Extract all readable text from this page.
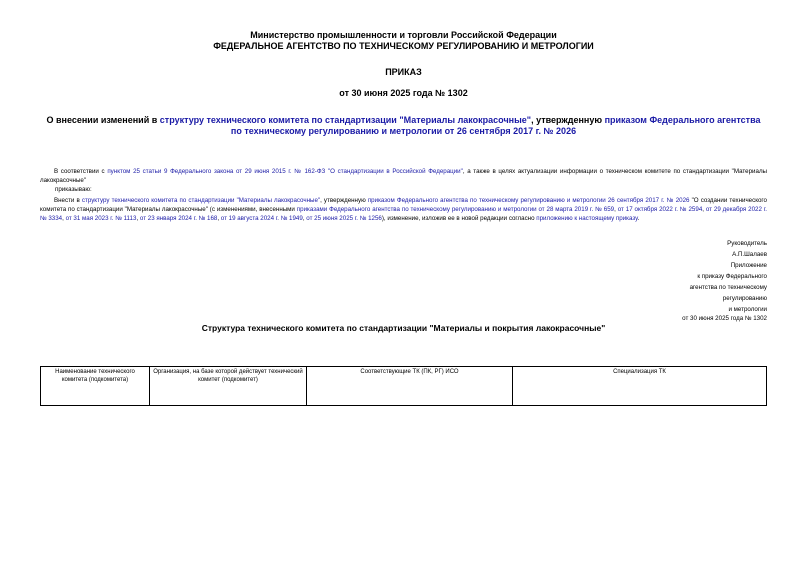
Министерство промышленности и торговли Российской Федерации
ФЕДЕРАЛЬНОЕ АГЕНТСТВО ПО ТЕХНИЧЕСКОМУ РЕГУЛИРОВАНИЮ И МЕТРОЛОГИИ
ПРИКАЗ
от 30 июня 2025 года № 1302
О внесении изменений в структуру технического комитета по стандартизации "Материалы лакокрасочные", утвержденную приказом Федерального агентства по техническому регулированию и метрологии от 26 сентября 2017 г. № 2026
В соответствии с пунктом 25 статьи 9 Федерального закона от 29 июня 2015 г. № 162-ФЗ "О стандартизации в Российской Федерации", а также в целях актуализации информации о техническом комитете по стандартизации "Материалы лакокрасочные"
приказываю:
Внести в структуру технического комитета по стандартизации "Материалы лакокрасочные", утвержденную приказом Федерального агентства по техническому регулированию и метрологии 26 сентября 2017 г. № 2026 "О создании технического комитета по стандартизации "Материалы лакокрасочные" (с изменениями, внесенными приказами Федерального агентства по техническому регулированию и метрологии от 28 марта 2019 г. № 659, от 17 октября 2022 г. № 2594, от 29 декабря 2022 г. № 3334, от 31 мая 2023 г. № 1113, от 23 января 2024 г. № 168, от 19 августа 2024 г. № 1949, от 25 июня 2025 г. № 1256), изменение, изложив ее в новой редакции согласно приложению к настоящему приказу.
Руководитель
А.П.Шалаев
Приложение
к приказу Федерального
агентства по техническому
регулированию
и метрологии
от 30 июня 2025 года № 1302
Структура технического комитета по стандартизации "Материалы и покрытия лакокрасочные"
Наименование технического комитета (подкомитета)	Организация, на базе которой действует технический комитет (подкомитет)	Соответствующие ТК (ПК, РГ) ИСО	Специализация ТК
